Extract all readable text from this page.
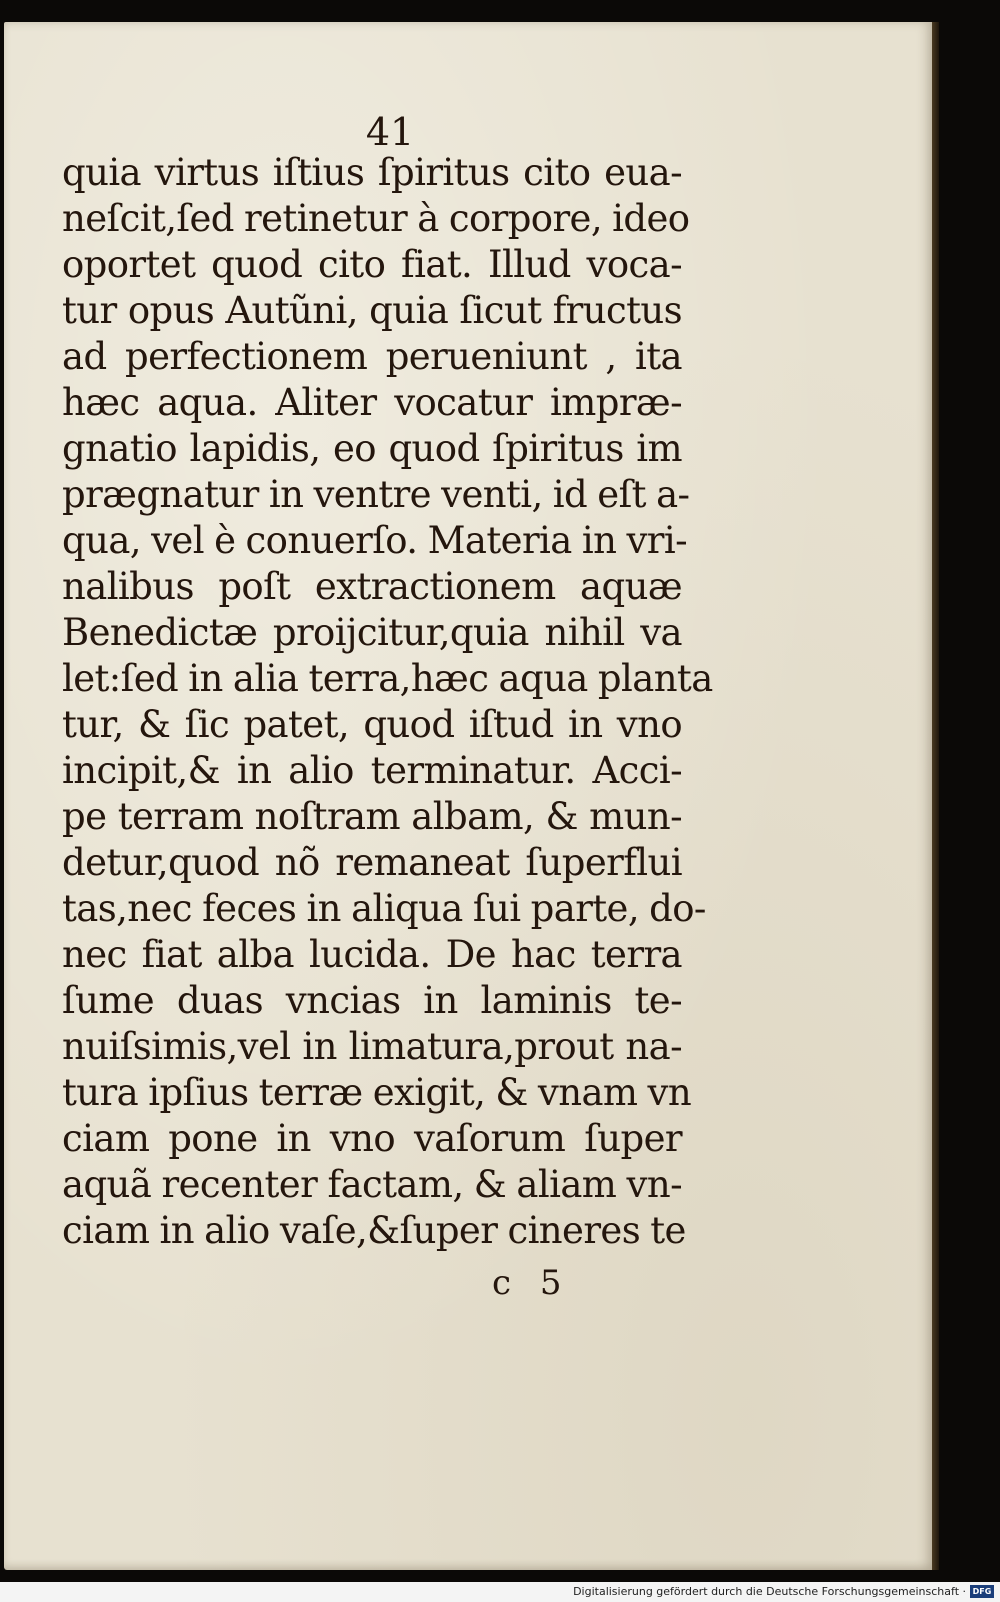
41
quia virtus iſtius ſpiritus cito eua-
neſcit,ſed retinetur à corpore, ideo
oportet quod cito fiat. Illud voca-
tur opus Autũni, quia ſicut fructus
ad perfectionem perueniunt , ita
hæc aqua. Aliter vocatur impræ-
gnatio lapidis, eo quod ſpiritus im
prægnatur in ventre venti, id eſt a-
qua, vel è conuerſo. Materia in vri-
nalibus poſt extractionem aquæ
Benedictæ proijcitur,quia nihil va
let:ſed in alia terra,hæc aqua planta
tur, & ſic patet, quod iſtud in vno
incipit,& in alio terminatur. Acci-
pe terram noſtram albam, & mun-
detur,quod nõ remaneat ſuperflui
tas,nec feces in aliqua ſui parte, do-
nec fiat alba lucida. De hac terra
ſume duas vncias in laminis te-
nuiſsimis,vel in limatura,prout na-
tura ipſius terræ exigit, & vnam vn
ciam pone in vno vaſorum ſuper
aquã recenter factam, & aliam vn-
ciam in alio vaſe,&ſuper cineres te
c 5
Digitalisierung gefördert durch die Deutsche Forschungsgemeinschaft · DFG
